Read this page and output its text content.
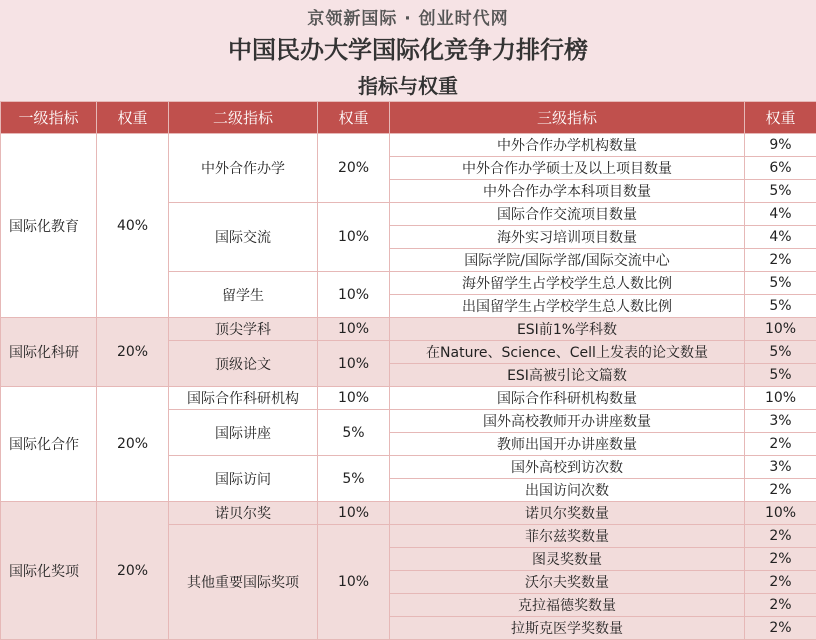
京领新国际 · 创业时代网
中国民办大学国际化竞争力排行榜
指标与权重
一级指标	权重	二级指标	权重	三级指标	权重
国际化教育	40%	中外合作办学	20%	中外合作办学机构数量	9%
				中外合作办学硕士及以上项目数量	6%
				中外合作办学本科项目数量	5%
		国际交流	10%	国际合作交流项目数量	4%
				海外实习培训项目数量	4%
				国际学院/国际学部/国际交流中心	2%
		留学生	10%	海外留学生占学校学生总人数比例	5%
				出国留学生占学校学生总人数比例	5%
国际化科研	20%	顶尖学科	10%	ESI前1%学科数	10%
		顶级论文	10%	在Nature、Science、Cell上发表的论文数量	5%
				ESI高被引论文篇数	5%
国际化合作	20%	国际合作科研机构	10%	国际合作科研机构数量	10%
		国际讲座	5%	国外高校教师开办讲座数量	3%
				教师出国开办讲座数量	2%
		国际访问	5%	国外高校到访次数	3%
				出国访问次数	2%
国际化奖项	20%	诺贝尔奖	10%	诺贝尔奖数量	10%
		其他重要国际奖项	10%	菲尔兹奖数量	2%
				图灵奖数量	2%
				沃尔夫奖数量	2%
				克拉福德奖数量	2%
				拉斯克医学奖数量	2%
